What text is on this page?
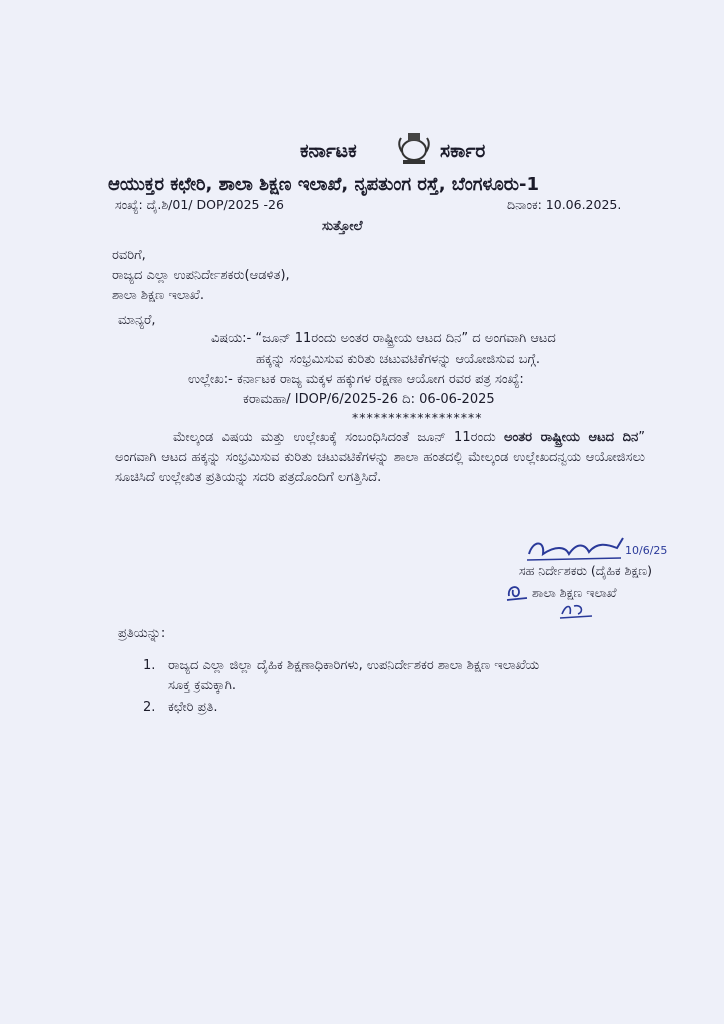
ಕರ್ನಾಟಕ	ಸರ್ಕಾರ
ಆಯುಕ್ತರ ಕಛೇರಿ, ಶಾಲಾ ಶಿಕ್ಷಣ ಇಲಾಖೆ, ನೃಪತುಂಗ ರಸ್ತೆ, ಬೆಂಗಳೂರು-1
ಸಂಖ್ಯೆ: ದೈ.ಶಿ/01/ DOP/2025 -26	ದಿನಾಂಕ: 10.06.2025.
ಸುತ್ತೋಲೆ
ರವರಿಗೆ,
ರಾಜ್ಯದ ಎಲ್ಲಾ ಉಪನಿರ್ದೇಶಕರು(ಆಡಳಿತ),
ಶಾಲಾ ಶಿಕ್ಷಣ ಇಲಾಖೆ.
ಮಾನ್ಯರೆ,
ವಿಷಯ:- “ಜೂನ್ 11ರಂದು ಅಂತರ ರಾಷ್ಟ್ರೀಯ ಆಟದ ದಿನ” ದ ಅಂಗವಾಗಿ ಆಟದ
ಹಕ್ಕನ್ನು ಸಂಭ್ರಮಿಸುವ ಕುರಿತು ಚಟುವಟಿಕೆಗಳನ್ನು ಆಯೋಜಿಸುವ ಬಗ್ಗೆ.
ಉಲ್ಲೇಖ:- ಕರ್ನಾಟಕ ರಾಜ್ಯ ಮಕ್ಕಳ ಹಕ್ಕುಗಳ ರಕ್ಷಣಾ ಆಯೋಗ ರವರ ಪತ್ರ ಸಂಖ್ಯೆ:
ಕರಾಮಹಾ/ IDOP/6/2025-26 ದಿ: 06-06-2025
******************
ಮೇಲ್ಕಂಡ ವಿಷಯ ಮತ್ತು ಉಲ್ಲೇಖಕ್ಕೆ ಸಂಬಂಧಿಸಿದಂತೆ ಜೂನ್ 11ರಂದು ಅಂತರ ರಾಷ್ಟ್ರೀಯ ಆಟದ ದಿನ” ಅಂಗವಾಗಿ ಆಟದ ಹಕ್ಕನ್ನು ಸಂಭ್ರಮಿಸುವ ಕುರಿತು ಚಟುವಟಿಕೆಗಳನ್ನು ಶಾಲಾ ಹಂತದಲ್ಲಿ ಮೇಲ್ಕಂಡ ಉಲ್ಲೇಖದನ್ವಯ ಆಯೋಜಿಸಲು ಸೂಚಿಸಿದೆ ಉಲ್ಲೇಖಿತ ಪ್ರತಿಯನ್ನು ಸದರಿ ಪತ್ರದೊಂದಿಗೆ ಲಗತ್ತಿಸಿದೆ.
10/6/25
ಸಹ ನಿರ್ದೇಶಕರು (ದೈಹಿಕ ಶಿಕ್ಷಣ)
ಶಾಲಾ ಶಿಕ್ಷಣ ಇಲಾಖೆ
ಪ್ರತಿಯನ್ನು:
1. ರಾಜ್ಯದ ಎಲ್ಲಾ ಜಿಲ್ಲಾ ದೈಹಿಕ ಶಿಕ್ಷಣಾಧಿಕಾರಿಗಳು, ಉಪನಿರ್ದೇಶಕರ ಶಾಲಾ ಶಿಕ್ಷಣ ಇಲಾಖೆಯ
ಸೂಕ್ತ ಕ್ರಮಕ್ಕಾಗಿ.
2. ಕಛೇರಿ ಪ್ರತಿ.
